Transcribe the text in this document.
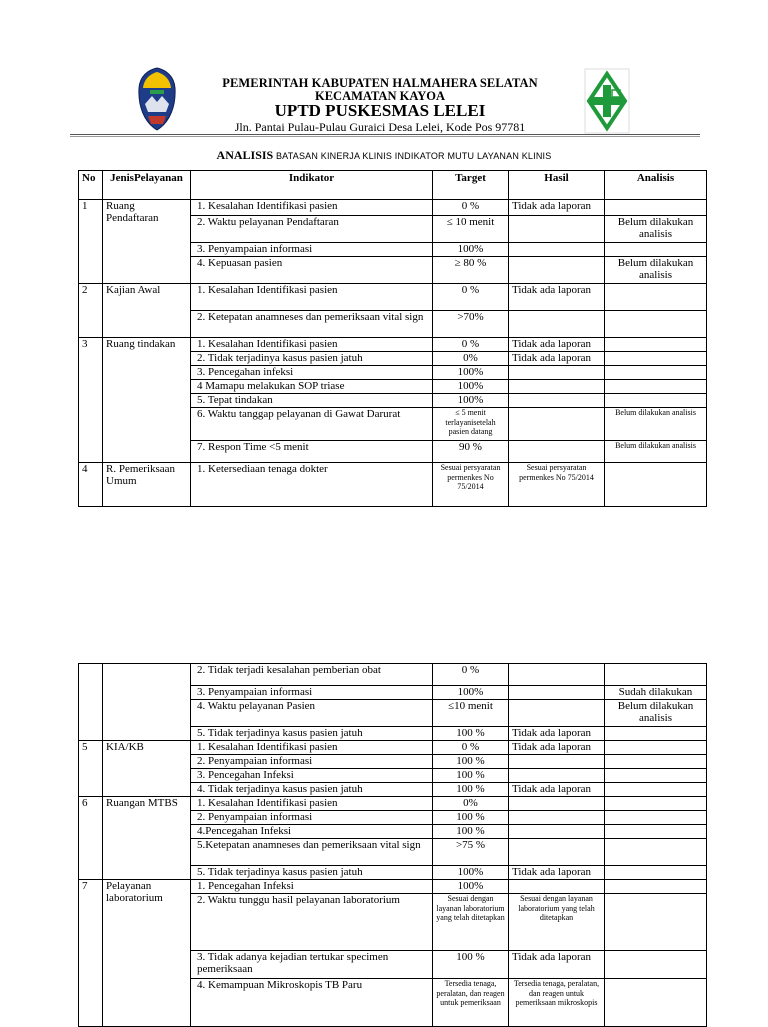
PEMERINTAH KABUPATEN HALMAHERA SELATAN
KECAMATAN KAYOA
UPTD PUSKESMAS LELEI
Jln. Pantai Pulau-Pulau Guraici Desa Lelei, Kode Pos 97781
ANALISIS BATASAN KINERJA KLINIS INDIKATOR MUTU LAYANAN KLINIS
No	JenisPelayanan	Indikator	Target	Hasil	Analisis
1	Ruang Pendaftaran	1. Kesalahan Identifikasi pasien	0 %	Tidak ada laporan	
		2. Waktu pelayanan Pendaftaran	≤ 10 menit		Belum dilakukan analisis
		3. Penyampaian informasi	100%		
		4. Kepuasan pasien	≥ 80 %		Belum dilakukan analisis
2	Kajian Awal	1. Kesalahan Identifikasi pasien	0 %	Tidak ada laporan	
		2. Ketepatan anamneses dan pemeriksaan vital sign	>70%		
3	Ruang tindakan	1. Kesalahan Identifikasi pasien	0 %	Tidak ada laporan	
		2. Tidak terjadinya kasus pasien jatuh	0%	Tidak ada laporan	
		3. Pencegahan infeksi	100%		
		4 Mamapu melakukan SOP triase	100%		
		5. Tepat tindakan	100%		
		6. Waktu tanggap pelayanan di Gawat Darurat	≤ 5 menit terlayanisetelah pasien datang		Belum dilakukan analisis
		7. Respon Time <5 menit	90 %		Belum dilakukan analisis
4	R. Pemeriksaan Umum	1. Ketersediaan tenaga dokter	Sesuai persyaratan permenkes No 75/2014	Sesuai persyaratan permenkes No 75/2014	
		2. Tidak terjadi kesalahan pemberian obat	0 %		
		3. Penyampaian informasi	100%		Sudah dilakukan
		4. Waktu pelayanan Pasien	≤10 menit		Belum dilakukan analisis
		5. Tidak terjadinya kasus pasien jatuh	100 %	Tidak ada laporan	
5	KIA/KB	1. Kesalahan Identifikasi pasien	0 %	Tidak ada laporan	
		2. Penyampaian informasi	100 %		
		3. Pencegahan Infeksi	100 %		
		4. Tidak terjadinya kasus pasien jatuh	100 %	Tidak ada laporan	
6	Ruangan MTBS	1. Kesalahan Identifikasi pasien	0%		
		2. Penyampaian informasi	100 %		
		4.Pencegahan Infeksi	100 %		
		5.Ketepatan anamneses dan pemeriksaan vital sign	>75 %		
		5. Tidak terjadinya kasus pasien jatuh	100%	Tidak ada laporan	
7	Pelayanan laboratorium	1. Pencegahan Infeksi	100%		
		2. Waktu tunggu hasil pelayanan laboratorium	Sesuai dengan layanan laboratorium yang telah ditetapkan	Sesuai dengan layanan laboratorium yang telah ditetapkan	
		3. Tidak adanya kejadian tertukar specimen pemeriksaan	100 %	Tidak ada laporan	
		4. Kemampuan Mikroskopis TB Paru	Tersedia tenaga, peralatan, dan reagen untuk pemeriksaan	Tersedia tenaga, peralatan, dan reagen untuk pemeriksaan mikroskopis	
